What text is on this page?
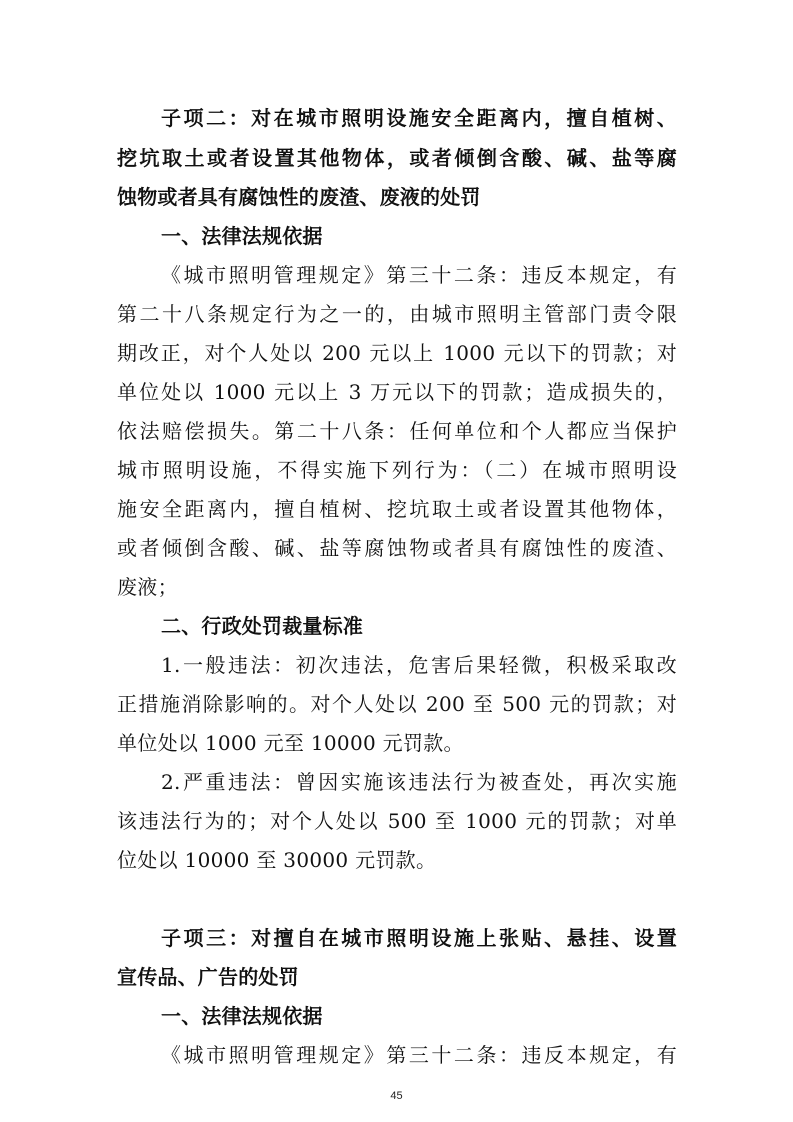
子项二：对在城市照明设施安全距离内，擅自植树、
挖坑取土或者设置其他物体，或者倾倒含酸、碱、盐等腐
蚀物或者具有腐蚀性的废渣、废液的处罚
一、法律法规依据
《城市照明管理规定》第三十二条：违反本规定，有
第二十八条规定行为之一的，由城市照明主管部门责令限
期改正，对个人处以 200 元以上 1000 元以下的罚款；对
单位处以 1000 元以上 3 万元以下的罚款；造成损失的，
依法赔偿损失。第二十八条：任何单位和个人都应当保护
城市照明设施，不得实施下列行为：（二）在城市照明设
施安全距离内，擅自植树、挖坑取土或者设置其他物体，
或者倾倒含酸、碱、盐等腐蚀物或者具有腐蚀性的废渣、
废液；
二、行政处罚裁量标准
1.一般违法：初次违法，危害后果轻微，积极采取改
正措施消除影响的。对个人处以 200 至 500 元的罚款；对
单位处以 1000 元至 10000 元罚款。
2.严重违法：曾因实施该违法行为被查处，再次实施
该违法行为的；对个人处以 500 至 1000 元的罚款；对单
位处以 10000 至 30000 元罚款。
子项三：对擅自在城市照明设施上张贴、悬挂、设置
宣传品、广告的处罚
一、法律法规依据
45
《城市照明管理规定》第三十二条：违反本规定，有
